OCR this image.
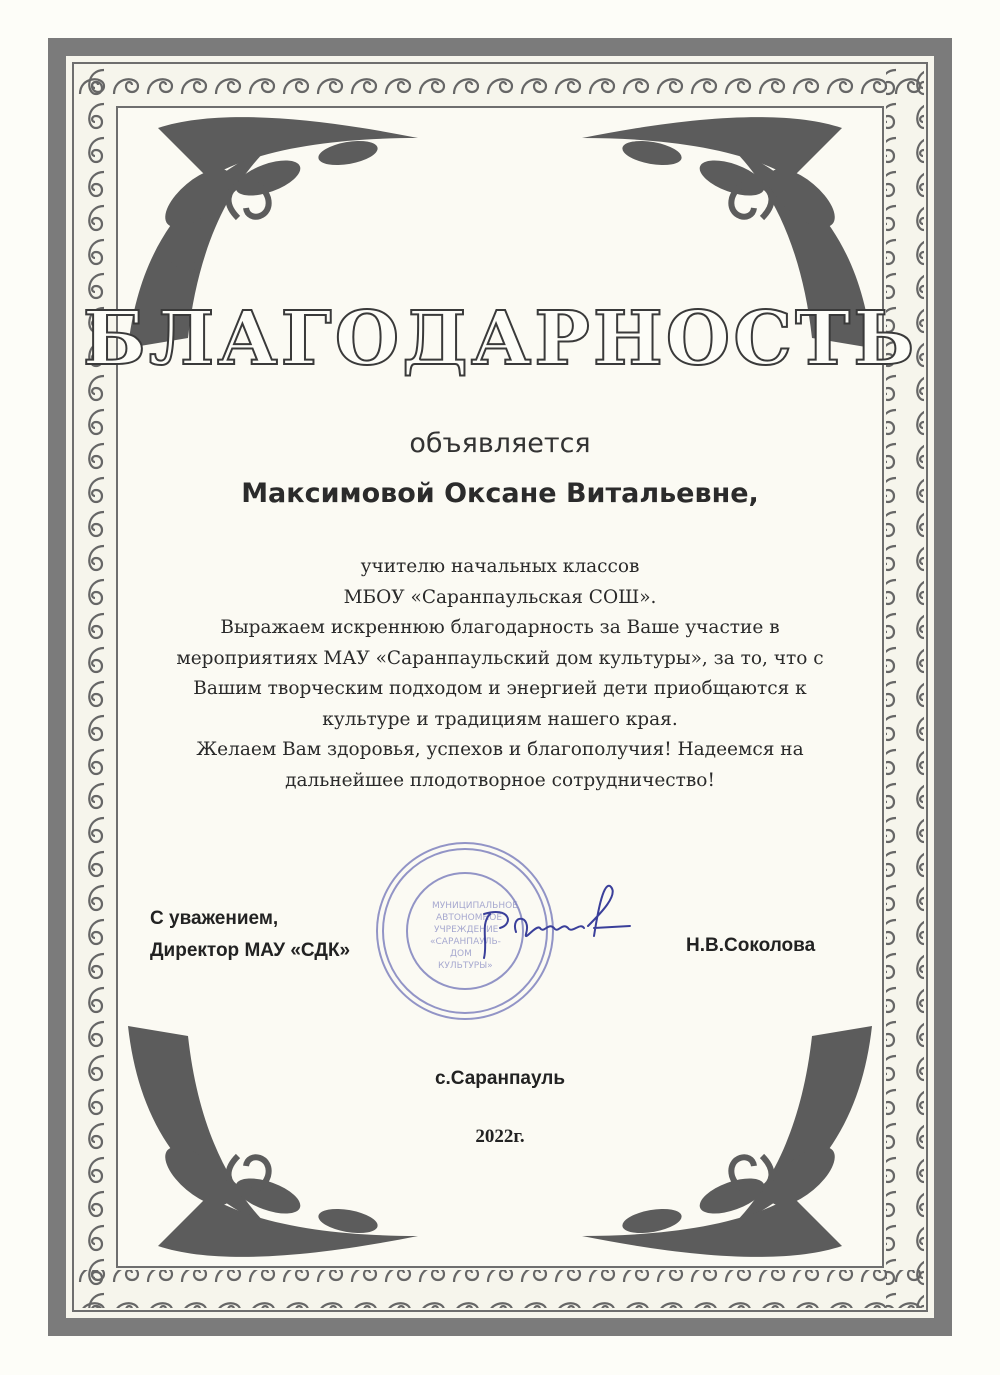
БЛАГОДАРНОСТЬ
объявляется
Максимовой Оксане Витальевне,
учителю начальных классов
МБОУ «Саранпаульская СОШ».
Выражаем искреннюю благодарность за Ваше участие в
мероприятиях МАУ «Саранпаульский дом культуры», за то, что с
Вашим творческим подходом и энергией дети приобщаются к
культуре и традициям нашего края.
Желаем Вам здоровья, успехов и благополучия! Надеемся на
дальнейшее плодотворное сотрудничество!
МУНИЦИПАЛЬНОЕ
АВТОНОМНОЕ
УЧРЕЖДЕНИЕ
«САРАНПАУЛЬ-
ДОМ
КУЛЬТУРЫ»
С уважением,
Директор МАУ «СДК»	Н.В.Соколова
с.Саранпауль
2022г.
